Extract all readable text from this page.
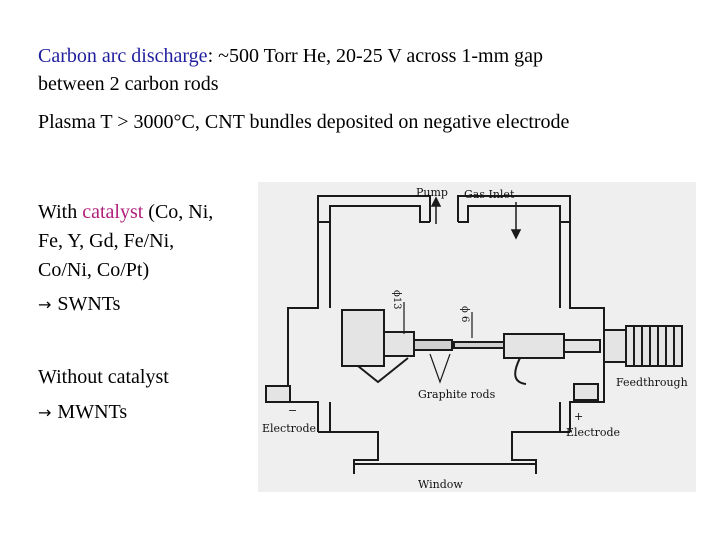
Carbon arc discharge: ~500 Torr He, 20-25 V across 1-mm gap
between 2 carbon rods
Plasma T > 3000°C, CNT bundles deposited on negative electrode
With catalyst (Co, Ni,
Fe, Y, Gd, Fe/Ni,
Co/Ni, Co/Pt)
→ SWNTs
Without catalyst
→ MWNTs
Pump Gas Inlet
ϕ13
ϕ 6
Graphite rods
Feedthrough
−	+
Electrode	Electrode
Window
